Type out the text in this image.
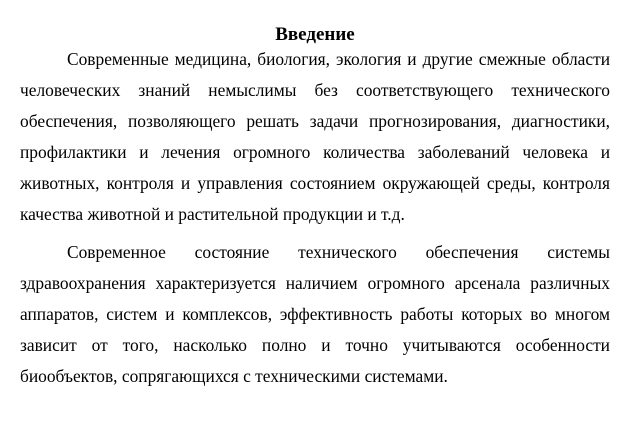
Введение

Современные медицина, биология, экология и другие смежные области человеческих знаний немыслимы без соответствующего технического обеспечения, позволяющего решать задачи прогнозирования, диагностики, профилактики и лечения огромного количества заболеваний человека и животных, контроля и управления состоянием окружающей среды, контроля качества животной и растительной продукции и т.д.

Современное состояние технического обеспечения системы здравоохранения характеризуется наличием огромного арсенала различных аппаратов, систем и комплексов, эффективность работы которых во многом зависит от того, насколько полно и точно учитываются особенности биообъектов, сопрягающихся с техническими системами.
